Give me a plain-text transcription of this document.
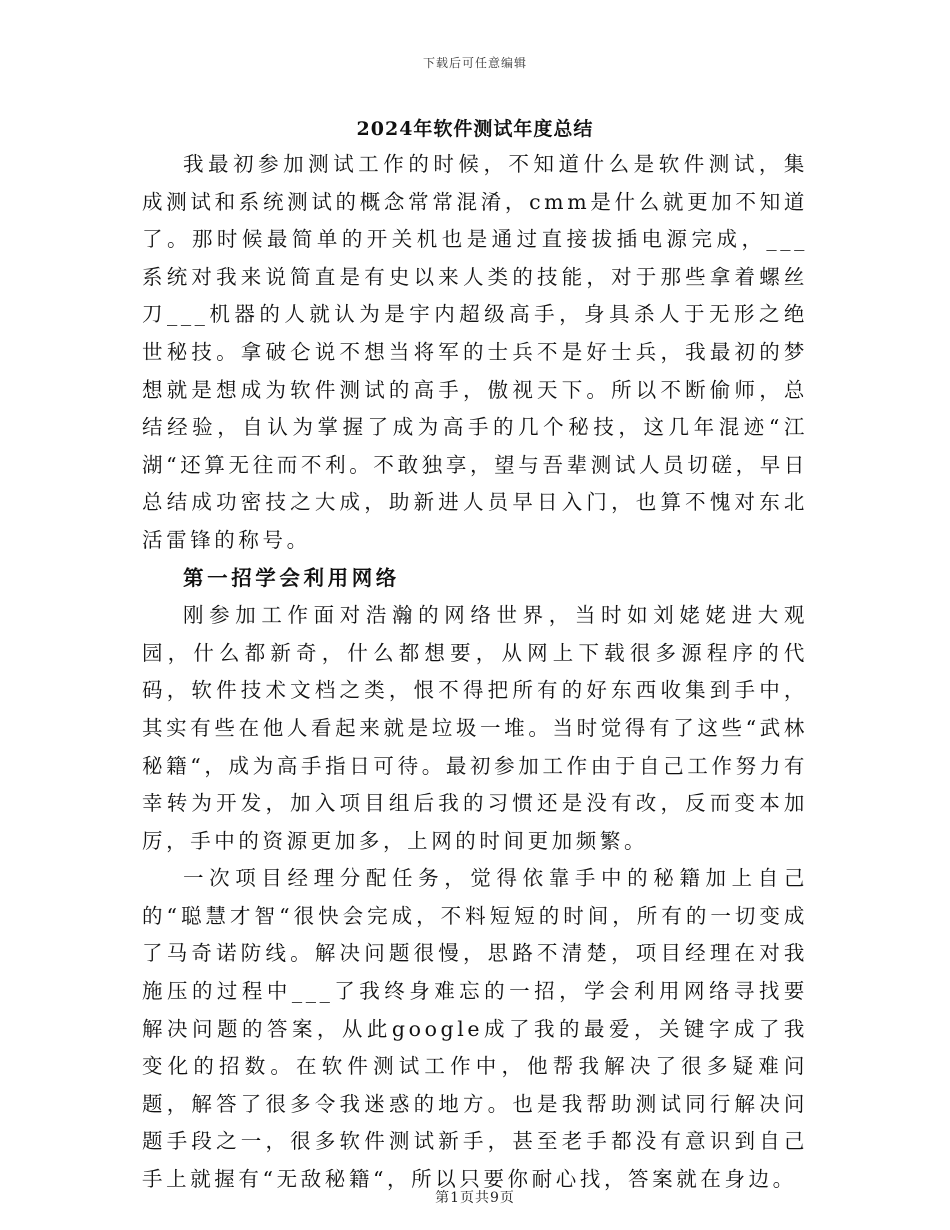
下载后可任意编辑
2024年软件测试年度总结

我最初参加测试工作的时候，不知道什么是软件测试，集成测试和系统测试的概念常常混淆，cmm是什么就更加不知道了。那时候最简单的开关机也是通过直接拔插电源完成，___系统对我来说简直是有史以来人类的技能，对于那些拿着螺丝刀___机器的人就认为是宇内超级高手，身具杀人于无形之绝世秘技。拿破仑说不想当将军的士兵不是好士兵，我最初的梦想就是想成为软件测试的高手，傲视天下。所以不断偷师，总结经验，自认为掌握了成为高手的几个秘技，这几年混迹“江湖“还算无往而不利。不敢独享，望与吾辈测试人员切磋，早日总结成功密技之大成，助新进人员早日入门，也算不愧对东北活雷锋的称号。

第一招学会利用网络

刚参加工作面对浩瀚的网络世界，当时如刘姥姥进大观园，什么都新奇，什么都想要，从网上下载很多源程序的代码，软件技术文档之类，恨不得把所有的好东西收集到手中，其实有些在他人看起来就是垃圾一堆。当时觉得有了这些“武林秘籍“，成为高手指日可待。最初参加工作由于自己工作努力有幸转为开发，加入项目组后我的习惯还是没有改，反而变本加厉，手中的资源更加多，上网的时间更加频繁。

一次项目经理分配任务，觉得依靠手中的秘籍加上自己的“聪慧才智“很快会完成，不料短短的时间，所有的一切变成了马奇诺防线。解决问题很慢，思路不清楚，项目经理在对我施压的过程中___了我终身难忘的一招，学会利用网络寻找要解决问题的答案，从此google成了我的最爱，关键字成了我变化的招数。在软件测试工作中，他帮我解决了很多疑难问题，解答了很多令我迷惑的地方。也是我帮助测试同行解决问题手段之一，很多软件测试新手，甚至老手都没有意识到自己手上就握有“无敌秘籍“，所以只要你耐心找，答案就在身边。

第1页共9页
